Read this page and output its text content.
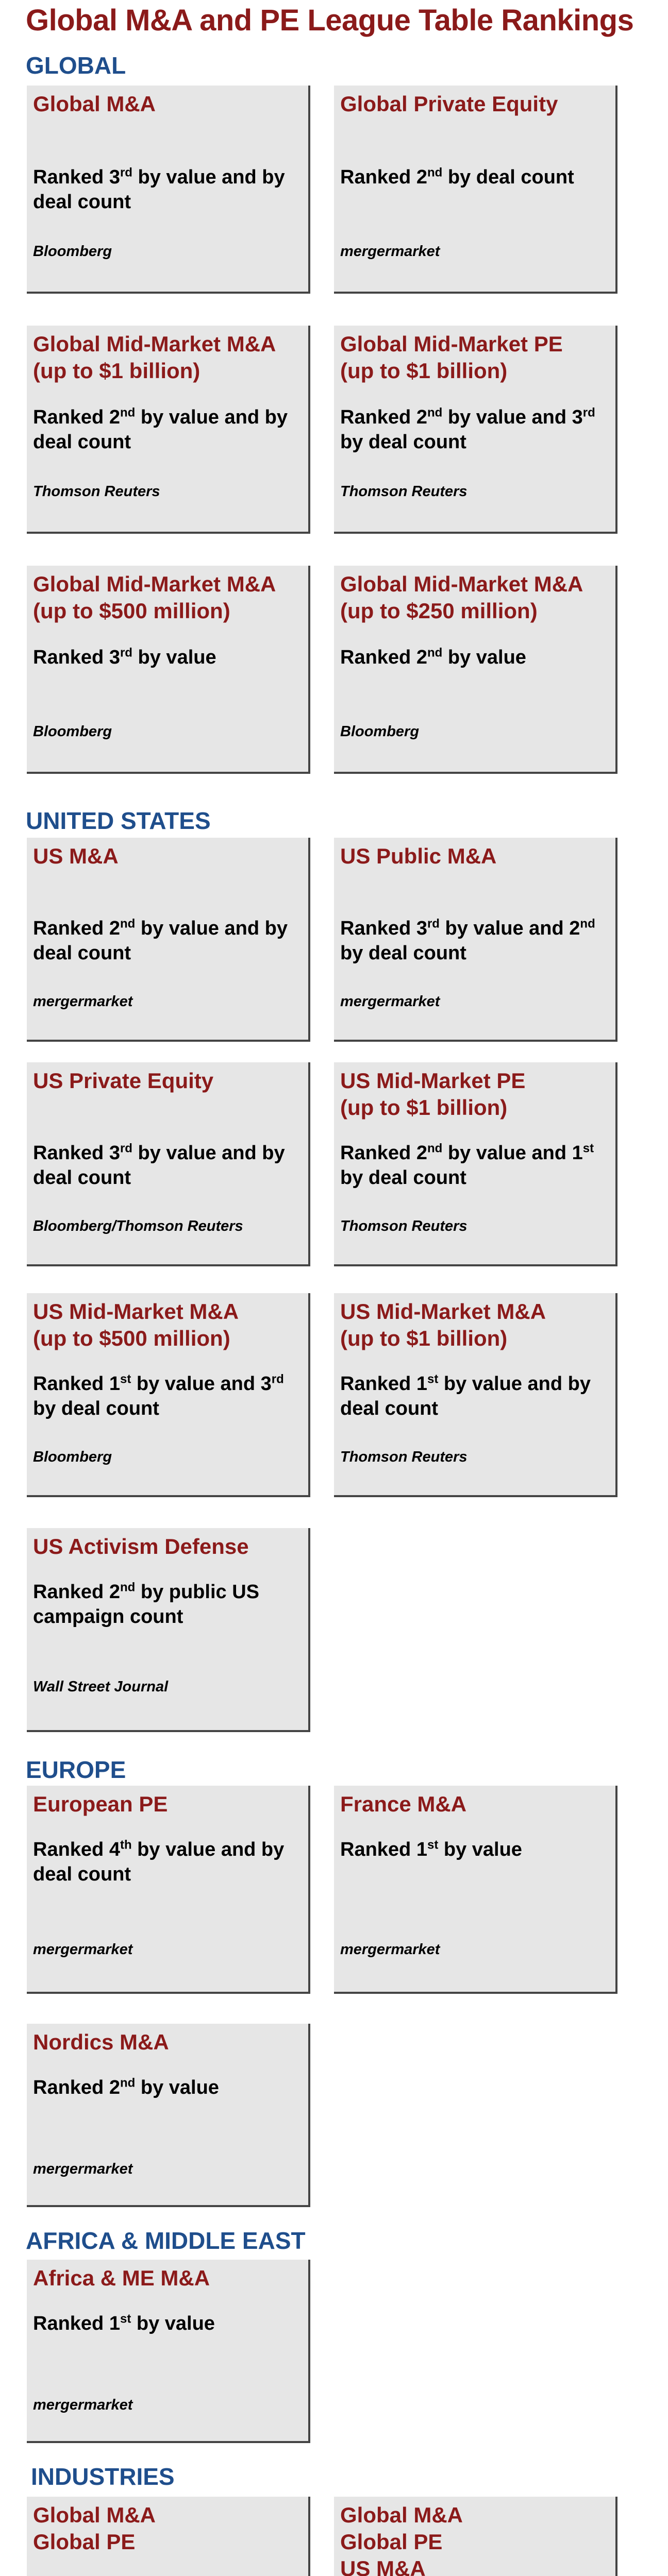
Global M&A and PE League Table Rankings
GLOBAL
Global M&A
Ranked 3rd by value and by deal count
Bloomberg
Global Private Equity
Ranked 2nd by deal count
mergermarket
Global Mid-Market M&A
(up to $1 billion)
Ranked 2nd by value and by deal count
Thomson Reuters
Global Mid-Market PE
(up to $1 billion)
Ranked 2nd by value and 3rd by deal count
Thomson Reuters
Global Mid-Market M&A
(up to $500 million)
Ranked 3rd by value
Bloomberg
Global Mid-Market M&A
(up to $250 million)
Ranked 2nd by value
Bloomberg
UNITED STATES
US M&A
Ranked 2nd by value and by deal count
mergermarket
US Public M&A
Ranked 3rd by value and 2nd by deal count
mergermarket
US Private Equity
Ranked 3rd by value and by deal count
Bloomberg/Thomson Reuters
US Mid-Market PE
(up to $1 billion)
Ranked 2nd by value and 1st by deal count
Thomson Reuters
US Mid-Market M&A
(up to $500 million)
Ranked 1st by value and 3rd by deal count
Bloomberg
US Mid-Market M&A
(up to $1 billion)
Ranked 1st by value and by deal count
Thomson Reuters
US Activism Defense
Ranked 2nd by public US campaign count
Wall Street Journal
EUROPE
European PE
Ranked 4th by value and by deal count
mergermarket
France M&A
Ranked 1st by value
mergermarket
Nordics M&A
Ranked 2nd by value
mergermarket
AFRICA & MIDDLE EAST
Africa & ME M&A
Ranked 1st by value
mergermarket
INDUSTRIES
Global M&A
Global PE
Global M&A
Global PE
US M&A
